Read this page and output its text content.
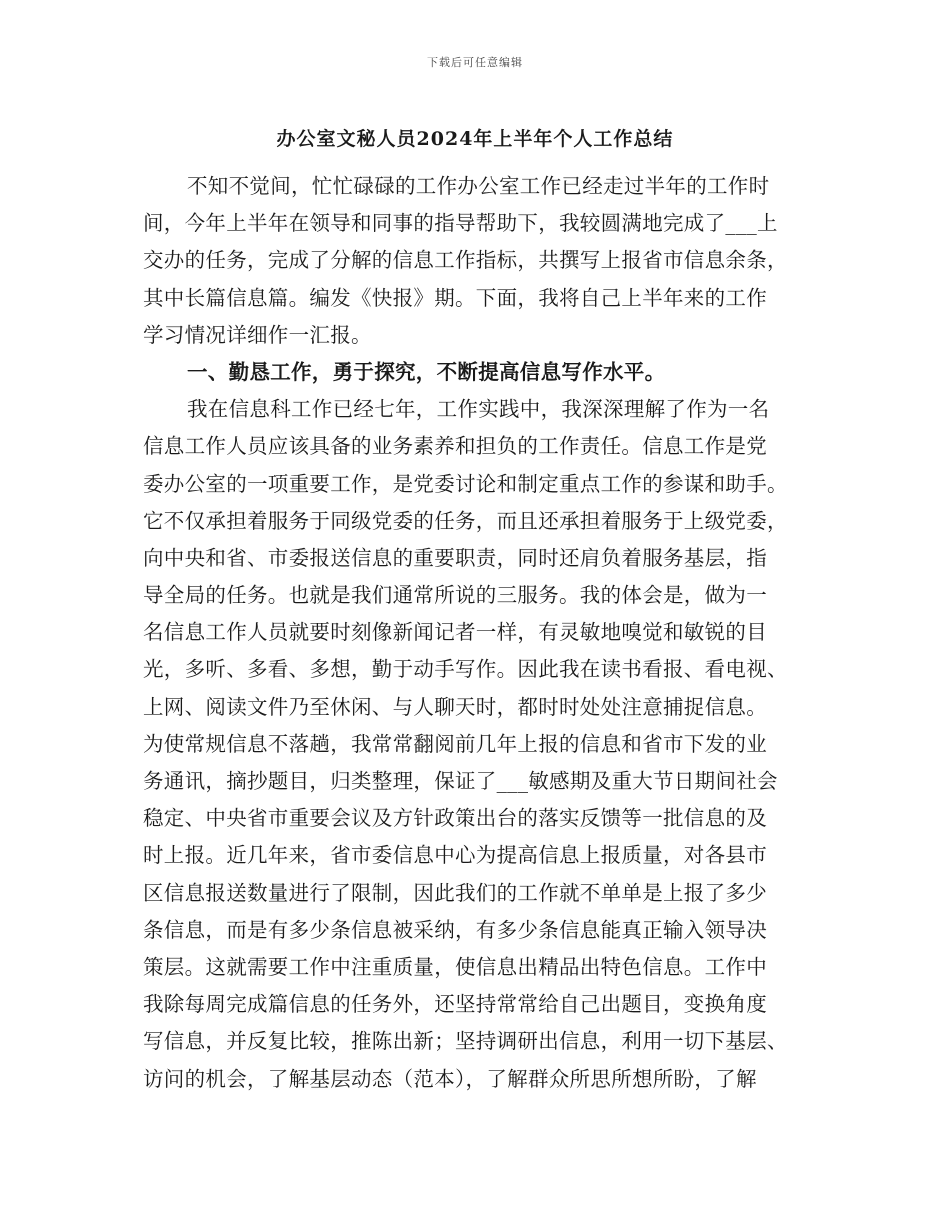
下载后可任意编辑
办公室文秘人员2024年上半年个人工作总结
不知不觉间，忙忙碌碌的工作办公室工作已经走过半年的工作时
间，今年上半年在领导和同事的指导帮助下，我较圆满地完成了___上
交办的任务，完成了分解的信息工作指标，共撰写上报省市信息余条，
其中长篇信息篇。编发《快报》期。下面，我将自己上半年来的工作
学习情况详细作一汇报。
一、勤恳工作，勇于探究，不断提高信息写作水平。
我在信息科工作已经七年，工作实践中，我深深理解了作为一名
信息工作人员应该具备的业务素养和担负的工作责任。信息工作是党
委办公室的一项重要工作，是党委讨论和制定重点工作的参谋和助手。
它不仅承担着服务于同级党委的任务，而且还承担着服务于上级党委，
向中央和省、市委报送信息的重要职责，同时还肩负着服务基层，指
导全局的任务。也就是我们通常所说的三服务。我的体会是，做为一
名信息工作人员就要时刻像新闻记者一样，有灵敏地嗅觉和敏锐的目
光，多听、多看、多想，勤于动手写作。因此我在读书看报、看电视、
上网、阅读文件乃至休闲、与人聊天时，都时时处处注意捕捉信息。
为使常规信息不落趟，我常常翻阅前几年上报的信息和省市下发的业
务通讯，摘抄题目，归类整理，保证了___敏感期及重大节日期间社会
稳定、中央省市重要会议及方针政策出台的落实反馈等一批信息的及
时上报。近几年来，省市委信息中心为提高信息上报质量，对各县市
区信息报送数量进行了限制，因此我们的工作就不单单是上报了多少
条信息，而是有多少条信息被采纳，有多少条信息能真正输入领导决
策层。这就需要工作中注重质量，使信息出精品出特色信息。工作中
我除每周完成篇信息的任务外，还坚持常常给自己出题目，变换角度
写信息，并反复比较，推陈出新；坚持调研出信息，利用一切下基层、
访问的机会，了解基层动态（范本），了解群众所思所想所盼，了解
